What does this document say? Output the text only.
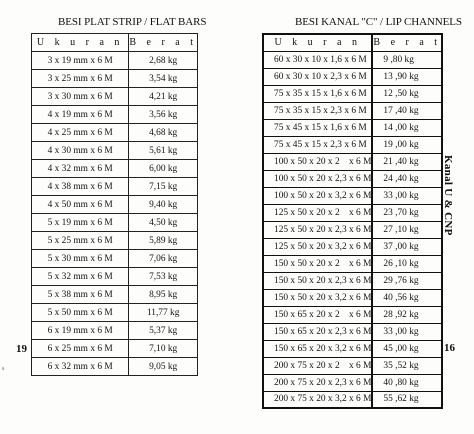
BESI PLAT STRIP / FLAT BARS
U k u r a n	B e r a t
3 x 19 mm x 6 M	2,68 kg
3 x 25 mm x 6 M	3,54 kg
3 x 30 mm x 6 M	4,21 kg
4 x 19 mm x 6 M	3,56 kg
4 x 25 mm x 6 M	4,68 kg
4 x 30 mm x 6 M	5,61 kg
4 x 32 mm x 6 M	6,00 kg
4 x 38 mm x 6 M	7,15 kg
4 x 50 mm x 6 M	9,40 kg
5 x 19 mm x 6 M	4,50 kg
5 x 25 mm x 6 M	5,89 kg
5 x 30 mm x 6 M	7,06 kg
5 x 32 mm x 6 M	7,53 kg
5 x 38 mm x 6 M	8,95 kg
5 x 50 mm x 6 M	11,77 kg
6 x 19 mm x 6 M	5,37 kg
6 x 25 mm x 6 M	7,10 kg
6 x 32 mm x 6 M	9,05 kg
19
BESI KANAL "C" / LIP CHANNELS
U k u r a n	B e r a t
60 x 30 x 10 x 1,6 x 6 M	9 ,80 kg
60 x 30 x 10 x 2,3 x 6 M	13 ,90 kg
75 x 35 x 15 x 1,6 x 6 M	12 ,50 kg
75 x 35 x 15 x 2,3 x 6 M	17 ,40 kg
75 x 45 x 15 x 1,6 x 6 M	14 ,00 kg
75 x 45 x 15 x 2,3 x 6 M	19 ,00 kg
100 x 50 x 20 x 2    x 6 M	21 ,40 kg
100 x 50 x 20 x 2,3 x 6 M	24 ,40 kg
100 x 50 x 20 x 3,2 x 6 M	33 ,00 kg
125 x 50 x 20 x 2    x 6 M	23 ,70 kg
125 x 50 x 20 x 2,3 x 6 M	27 ,10 kg
125 x 50 x 20 x 3,2 x 6 M	37 ,00 kg
150 x 50 x 20 x 2    x 6 M	26 ,10 kg
150 x 50 x 20 x 2,3 x 6 M	29 ,76 kg
150 x 50 x 20 x 3,2 x 6 M	40 ,56 kg
150 x 65 x 20 x 2    x 6 M	28 ,92 kg
150 x 65 x 20 x 2,3 x 6 M	33 ,00 kg
150 x 65 x 20 x 3,2 x 6 M	45 ,00 kg
200 x 75 x 20 x 2    x 6 M	35 ,52 kg
200 x 75 x 20 x 2,3 x 6 M	40 ,80 kg
200 x 75 x 20 x 3,2 x 6 M	55 ,62 kg
Kanal U & CNP
16
s
